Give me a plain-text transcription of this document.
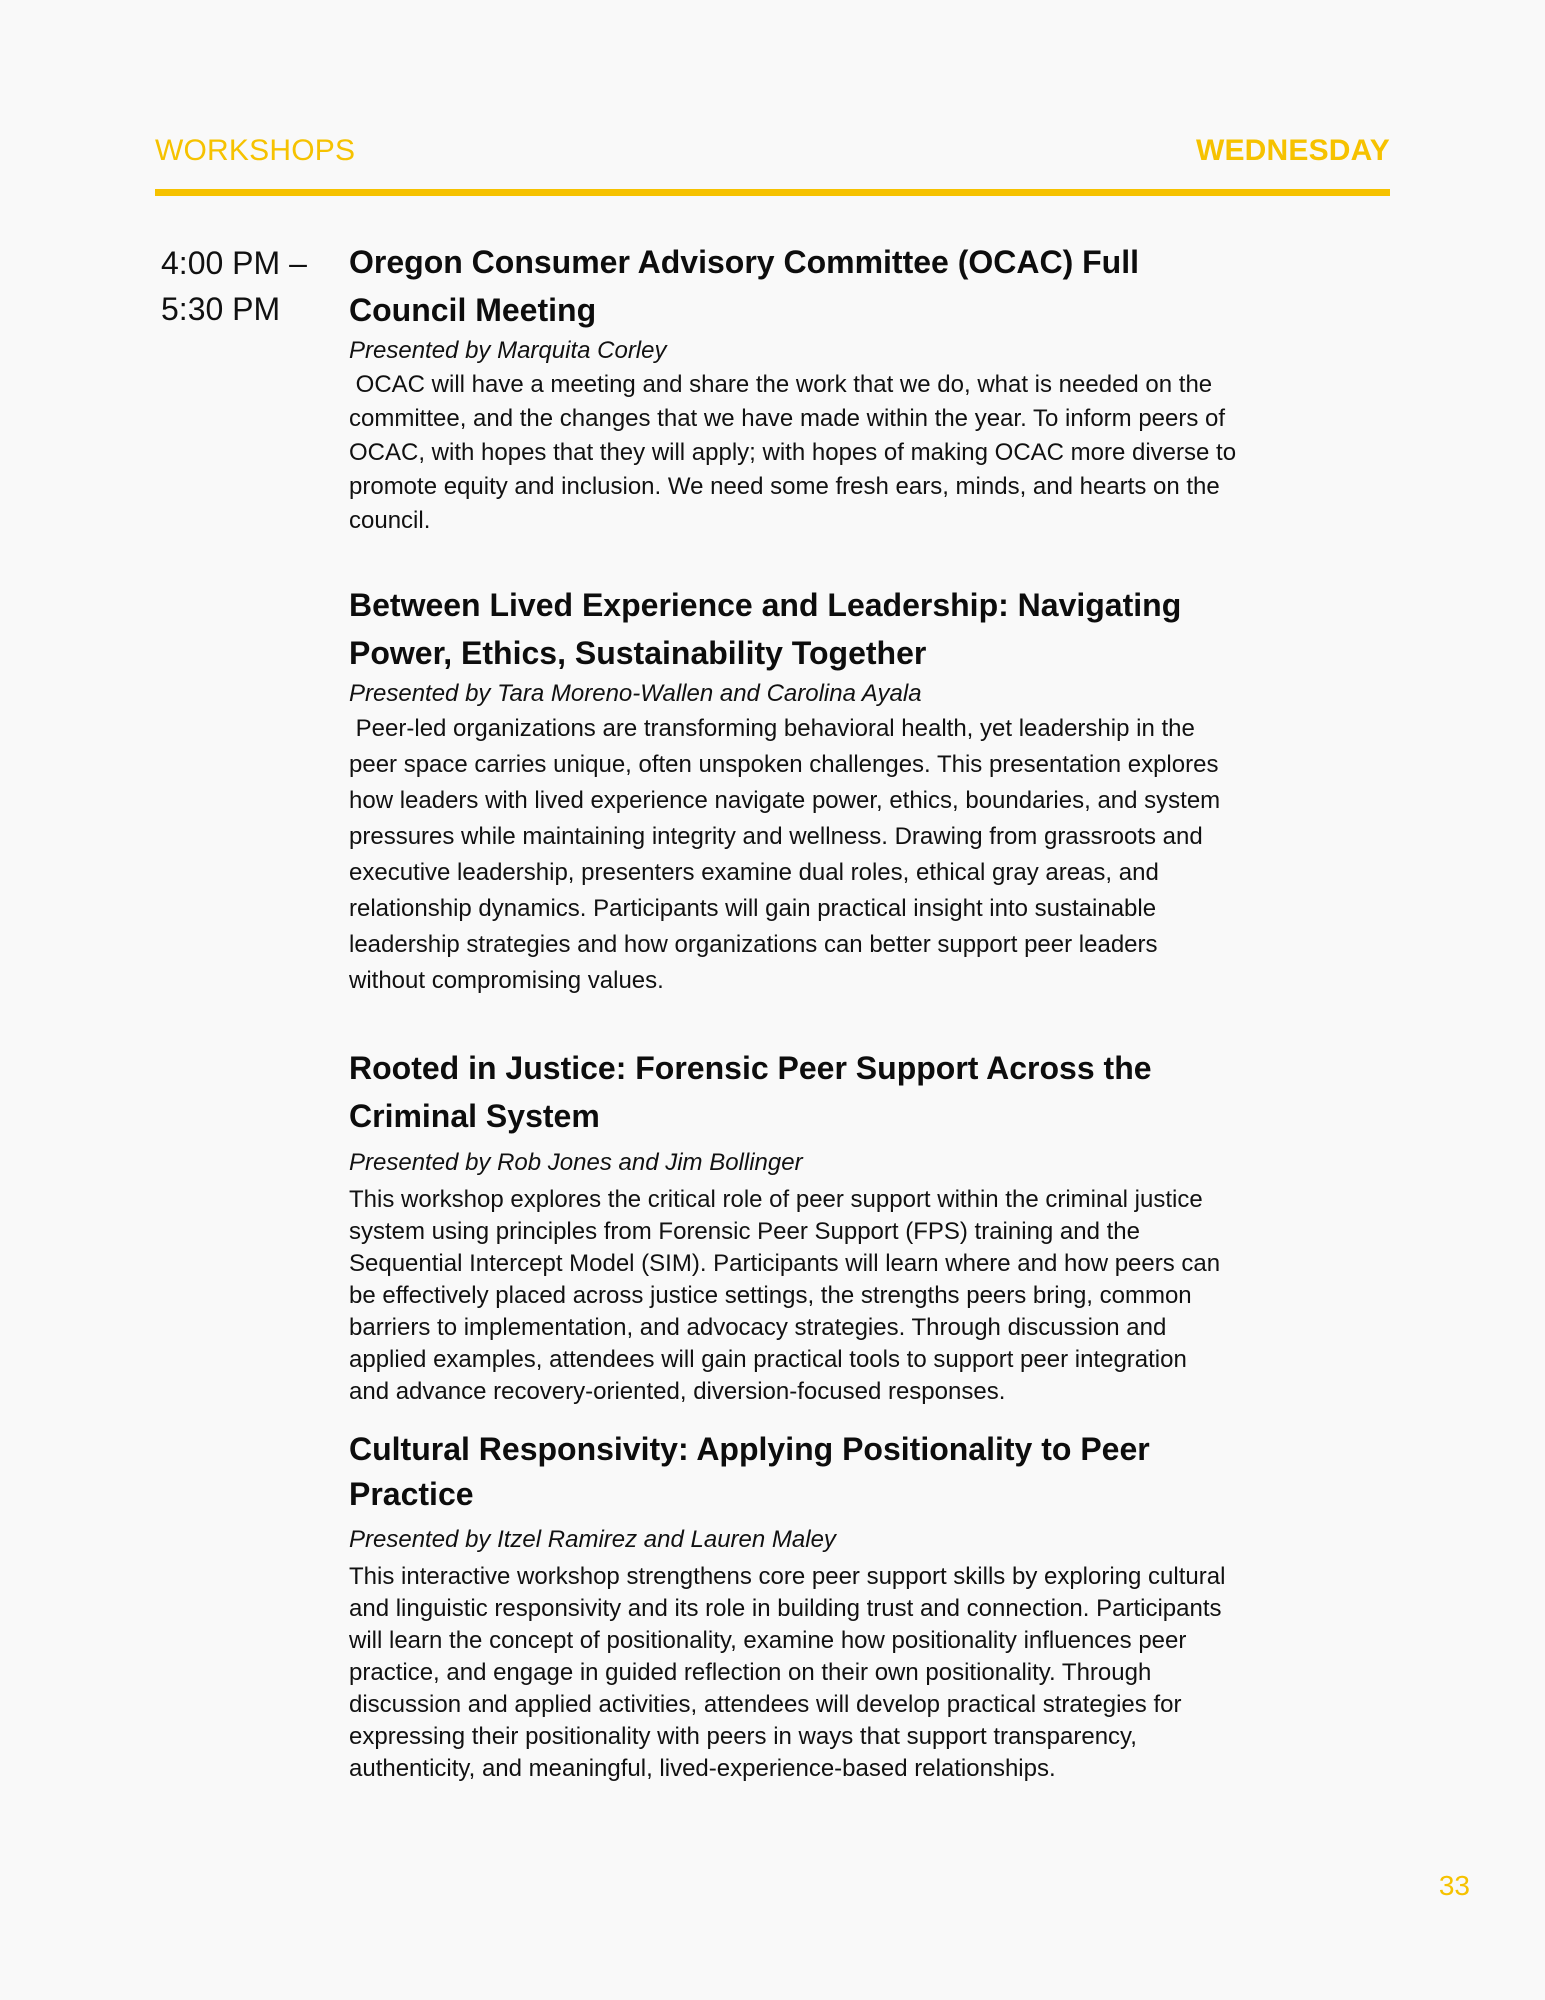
WORKSHOPS	WEDNESDAY
4:00 PM –
5:30 PM
Oregon Consumer Advisory Committee (OCAC) Full
Council Meeting
Presented by Marquita Corley
OCAC will have a meeting and share the work that we do, what is needed on the
committee, and the changes that we have made within the year. To inform peers of
OCAC, with hopes that they will apply; with hopes of making OCAC more diverse to
promote equity and inclusion. We need some fresh ears, minds, and hearts on the
council.
Between Lived Experience and Leadership: Navigating
Power, Ethics, Sustainability Together
Presented by Tara Moreno-Wallen and Carolina Ayala
Peer-led organizations are transforming behavioral health, yet leadership in the
peer space carries unique, often unspoken challenges. This presentation explores
how leaders with lived experience navigate power, ethics, boundaries, and system
pressures while maintaining integrity and wellness. Drawing from grassroots and
executive leadership, presenters examine dual roles, ethical gray areas, and
relationship dynamics. Participants will gain practical insight into sustainable
leadership strategies and how organizations can better support peer leaders
without compromising values.
Rooted in Justice: Forensic Peer Support Across the
Criminal System
Presented by Rob Jones and Jim Bollinger
This workshop explores the critical role of peer support within the criminal justice
system using principles from Forensic Peer Support (FPS) training and the
Sequential Intercept Model (SIM). Participants will learn where and how peers can
be effectively placed across justice settings, the strengths peers bring, common
barriers to implementation, and advocacy strategies. Through discussion and
applied examples, attendees will gain practical tools to support peer integration
and advance recovery-oriented, diversion-focused responses.
Cultural Responsivity: Applying Positionality to Peer
Practice
Presented by Itzel Ramirez and Lauren Maley
This interactive workshop strengthens core peer support skills by exploring cultural
and linguistic responsivity and its role in building trust and connection. Participants
will learn the concept of positionality, examine how positionality influences peer
practice, and engage in guided reflection on their own positionality. Through
discussion and applied activities, attendees will develop practical strategies for
expressing their positionality with peers in ways that support transparency,
authenticity, and meaningful, lived-experience-based relationships.
33
